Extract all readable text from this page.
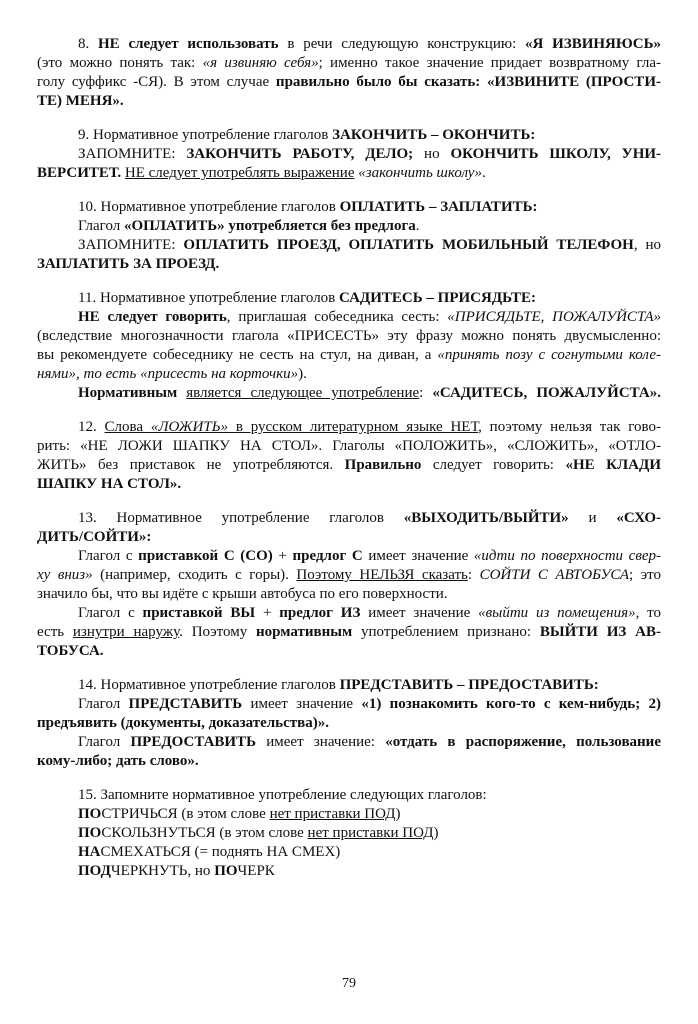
8. НЕ следует использовать в речи следующую конструкцию: «Я ИЗВИНЯЮСЬ»
(это можно понять так: «я извиняю себя»; именно такое значение придает возвратному гла-
голу суффикс -СЯ). В этом случае правильно было бы сказать: «ИЗВИНИТЕ (ПРОСТИ-
ТЕ) МЕНЯ».
9. Нормативное употребление глаголов ЗАКОНЧИТЬ – ОКОНЧИТЬ:
ЗАПОМНИТЕ: ЗАКОНЧИТЬ РАБОТУ, ДЕЛО; но ОКОНЧИТЬ ШКОЛУ, УНИ-
ВЕРСИТЕТ. НЕ следует употреблять выражение «закончить школу».
10. Нормативное употребление глаголов ОПЛАТИТЬ – ЗАПЛАТИТЬ:
Глагол «ОПЛАТИТЬ» употребляется без предлога.
ЗАПОМНИТЕ: ОПЛАТИТЬ ПРОЕЗД, ОПЛАТИТЬ МОБИЛЬНЫЙ ТЕЛЕФОН, но
ЗАПЛАТИТЬ ЗА ПРОЕЗД.
11. Нормативное употребление глаголов САДИТЕСЬ – ПРИСЯДЬТЕ:
НЕ следует говорить, приглашая собеседника сесть: «ПРИСЯДЬТЕ, ПОЖАЛУЙСТА»
(вследствие многозначности глагола «ПРИСЕСТЬ» эту фразу можно понять двусмысленно:
вы рекомендуете собеседнику не сесть на стул, на диван, а «принять позу с согнутыми коле-
нями», то есть «присесть на корточки»).
Нормативным является следующее употребление: «САДИТЕСЬ, ПОЖАЛУЙСТА».
12. Слова «ЛОЖИТЬ» в русском литературном языке НЕТ, поэтому нельзя так гово-
рить: «НЕ ЛОЖИ ШАПКУ НА СТОЛ». Глаголы «ПОЛОЖИТЬ», «СЛОЖИТЬ», «ОТЛО-
ЖИТЬ» без приставок не употребляются. Правильно следует говорить: «НЕ КЛАДИ
ШАПКУ НА СТОЛ».
13. Нормативное употребление глаголов «ВЫХОДИТЬ/ВЫЙТИ» и «СХО-
ДИТЬ/СОЙТИ»:
Глагол с приставкой С (СО) + предлог С имеет значение «идти по поверхности свер-
ху вниз» (например, сходить с горы). Поэтому НЕЛЬЗЯ сказать: СОЙТИ С АВТОБУСА; это
значило бы, что вы идёте с крыши автобуса по его поверхности.
Глагол с приставкой ВЫ + предлог ИЗ имеет значение «выйти из помещения», то
есть изнутри наружу. Поэтому нормативным употреблением признано: ВЫЙТИ ИЗ АВ-
ТОБУСА.
14. Нормативное употребление глаголов ПРЕДСТАВИТЬ – ПРЕДОСТАВИТЬ:
Глагол ПРЕДСТАВИТЬ имеет значение «1) познакомить кого-то с кем-нибудь; 2)
предъявить (документы, доказательства)».
Глагол ПРЕДОСТАВИТЬ имеет значение: «отдать в распоряжение, пользование
кому-либо; дать слово».
15. Запомните нормативное употребление следующих глаголов:
ПОСТРИЧЬСЯ (в этом слове нет приставки ПОД)
ПОСКОЛЬЗНУТЬСЯ (в этом слове нет приставки ПОД)
НАСМЕХАТЬСЯ (= поднять НА СМЕХ)
ПОДЧЕРКНУТЬ, но ПОЧЕРК
79
